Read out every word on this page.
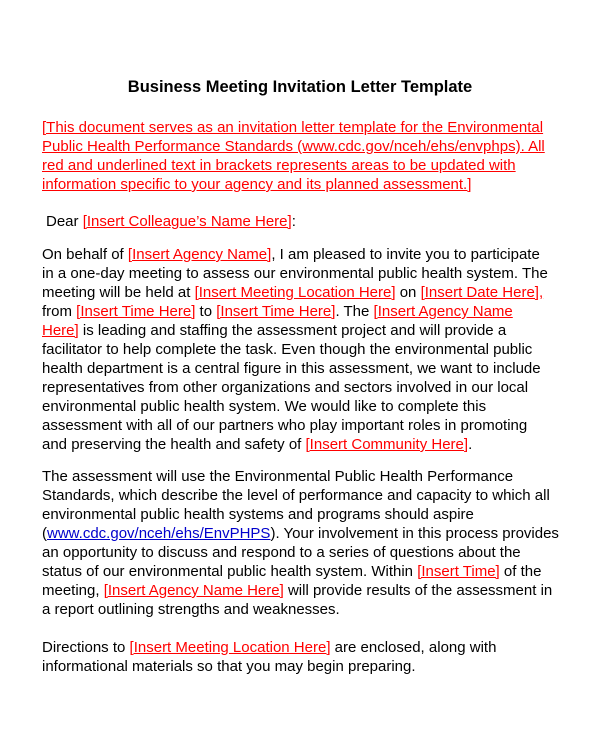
Business Meeting Invitation Letter Template
[This document serves as an invitation letter template for the Environmental
Public Health Performance Standards (www.cdc.gov/nceh/ehs/envphps). All
red and underlined text in brackets represents areas to be updated with
information specific to your agency and its planned assessment.]
Dear [Insert Colleague’s Name Here]:
On behalf of [Insert Agency Name], I am pleased to invite you to participate
in a one-day meeting to assess our environmental public health system. The
meeting will be held at [Insert Meeting Location Here] on [Insert Date Here],
from [Insert Time Here] to [Insert Time Here]. The [Insert Agency Name
Here] is leading and staffing the assessment project and will provide a
facilitator to help complete the task. Even though the environmental public
health department is a central figure in this assessment, we want to include
representatives from other organizations and sectors involved in our local
environmental public health system. We would like to complete this
assessment with all of our partners who play important roles in promoting
and preserving the health and safety of [Insert Community Here].
The assessment will use the Environmental Public Health Performance
Standards, which describe the level of performance and capacity to which all
environmental public health systems and programs should aspire
(www.cdc.gov/nceh/ehs/EnvPHPS). Your involvement in this process provides
an opportunity to discuss and respond to a series of questions about the
status of our environmental public health system. Within [Insert Time] of the
meeting, [Insert Agency Name Here] will provide results of the assessment in
a report outlining strengths and weaknesses.
Directions to [Insert Meeting Location Here] are enclosed, along with
informational materials so that you may begin preparing.
